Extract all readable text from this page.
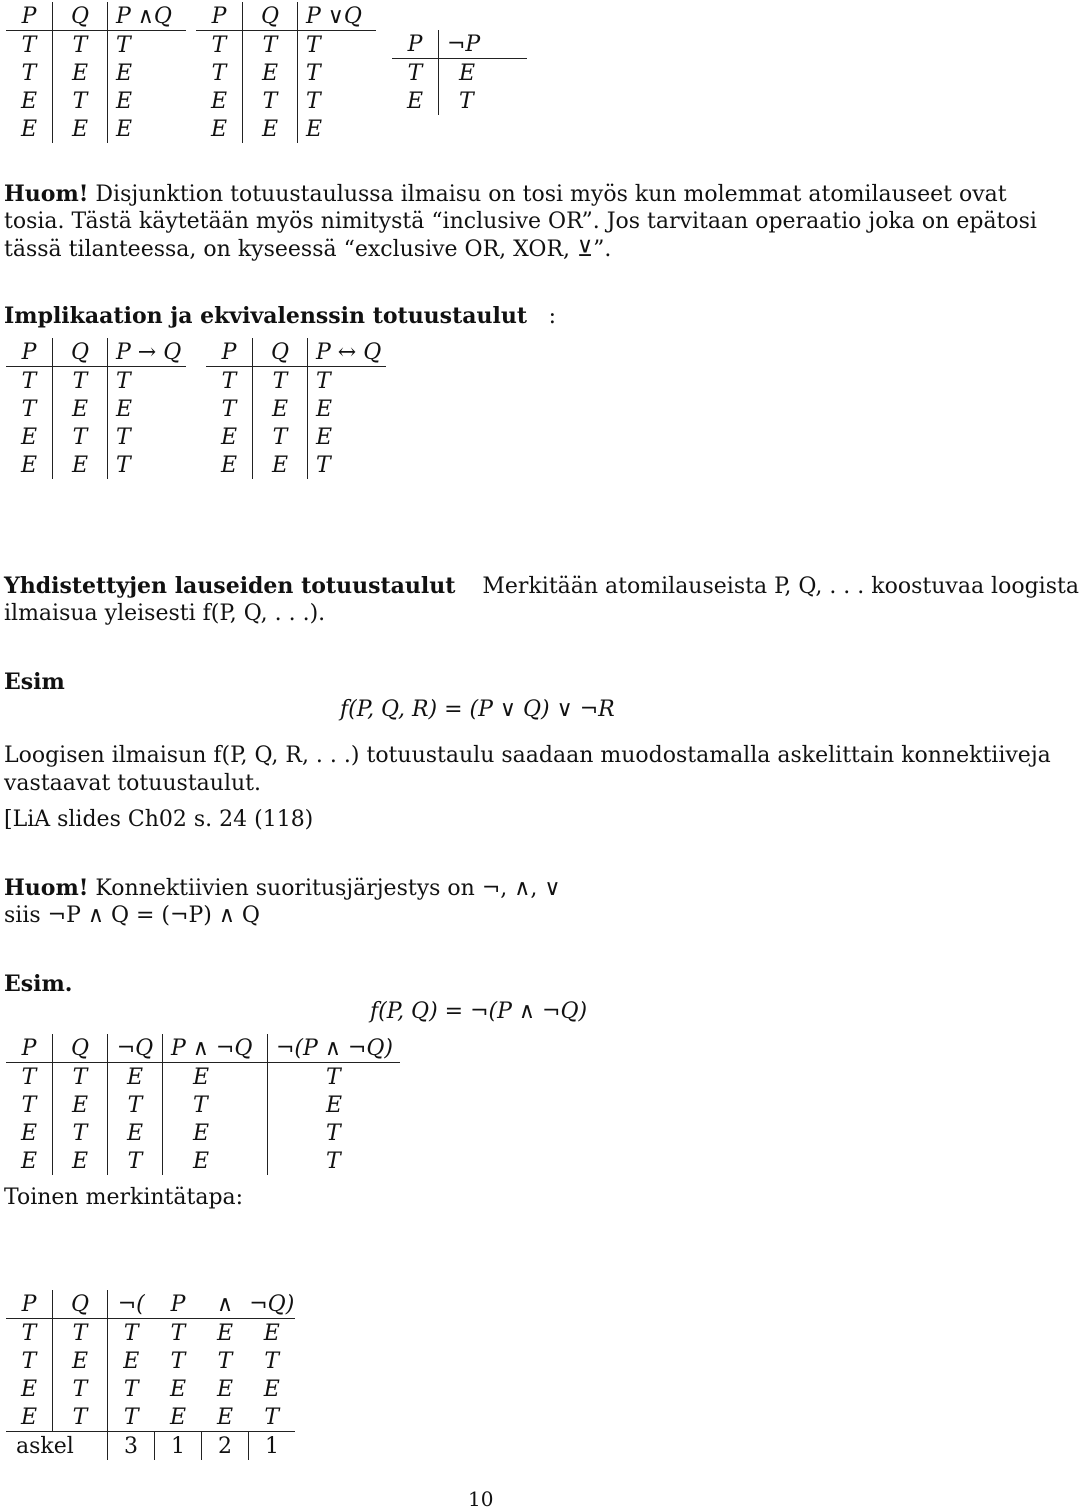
P	Q	P ∧Q
T	T	T
T	E	E
E	T	E
E	E	E
P	Q	P ∨Q
T	T	T
T	E	T
E	T	T
E	E	E
P	¬P
T	E
E	T
Huom! Disjunktion totuustaulussa ilmaisu on tosi myös kun molemmat atomilauseet ovat
tosia. Tästä käytetään myös nimitystä “inclusive OR”. Jos tarvitaan operaatio joka on epätosi
tässä tilanteessa, on kyseessä “exclusive OR, XOR, ⊻”.
Implikaation ja ekvivalenssin totuustaulut :
P	Q	P → Q
T	T	T
T	E	E
E	T	T
E	E	T
P	Q	P ↔ Q
T	T	T
T	E	E
E	T	E
E	E	T
Yhdistettyjen lauseiden totuustaulut Merkitään atomilauseista P, Q, . . . koostuvaa loogista
ilmaisua yleisesti f(P, Q, . . .).
Esim
f(P, Q, R) = (P ∨ Q) ∨ ¬R
Loogisen ilmaisun f(P, Q, R, . . .) totuustaulu saadaan muodostamalla askelittain konnektiiveja
vastaavat totuustaulut.
[LiA slides Ch02 s. 24 (118)
Huom! Konnektiivien suoritusjärjestys on ¬, ∧, ∨
siis ¬P ∧ Q = (¬P) ∧ Q
Esim.
f(P, Q) = ¬(P ∧ ¬Q)
P	Q	¬Q	P ∧ ¬Q	¬(P ∧ ¬Q)
T	T	E	E	T
T	E	T	T	E
E	T	E	E	T
E	E	T	E	T
Toinen merkintätapa:
P	Q	¬(	P	∧	¬Q)
T	T	T	T	E	E
T	E	E	T	T	T
E	T	T	E	E	E
E	T	T	E	E	T
askel		3	1	2	1
10
